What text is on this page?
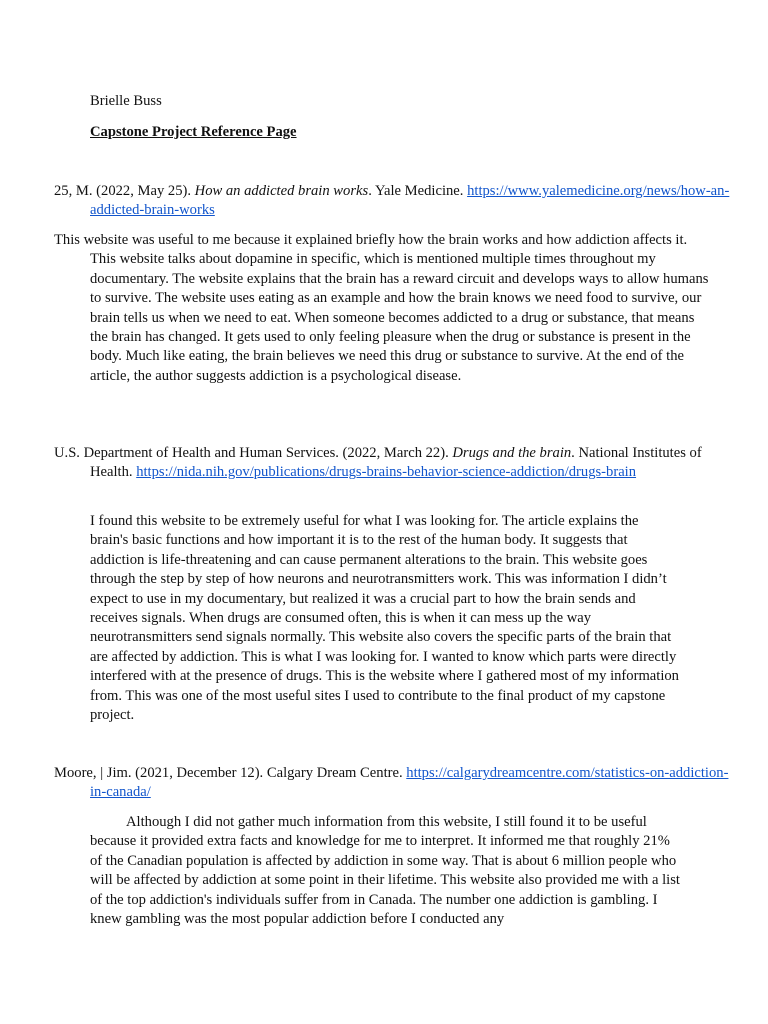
Brielle Buss
Capstone Project Reference Page

25, M. (2022, May 25). How an addicted brain works. Yale Medicine. https://www.yalemedicine.org/news/how-an-addicted-brain-works

This website was useful to me because it explained briefly how the brain works and how addiction affects it. This website talks about dopamine in specific, which is mentioned multiple times throughout my documentary. The website explains that the brain has a reward circuit and develops ways to allow humans to survive. The website uses eating as an example and how the brain knows we need food to survive, our brain tells us when we need to eat. When someone becomes addicted to a drug or substance, that means the brain has changed. It gets used to only feeling pleasure when the drug or substance is present in the body. Much like eating, the brain believes we need this drug or substance to survive. At the end of the article, the author suggests addiction is a psychological disease.

U.S. Department of Health and Human Services. (2022, March 22). Drugs and the brain. National Institutes of Health. https://nida.nih.gov/publications/drugs-brains-behavior-science-addiction/drugs-brain

I found this website to be extremely useful for what I was looking for. The article explains the brain's basic functions and how important it is to the rest of the human body. It suggests that addiction is life-threatening and can cause permanent alterations to the brain. This website goes through the step by step of how neurons and neurotransmitters work. This was information I didn’t expect to use in my documentary, but realized it was a crucial part to how the brain sends and receives signals. When drugs are consumed often, this is when it can mess up the way neurotransmitters send signals normally. This website also covers the specific parts of the brain that are affected by addiction. This is what I was looking for. I wanted to know which parts were directly interfered with at the presence of drugs. This is the website where I gathered most of my information from. This was one of the most useful sites I used to contribute to the final product of my capstone project.

Moore, | Jim. (2021, December 12). Calgary Dream Centre. https://calgarydreamcentre.com/statistics-on-addiction-in-canada/

Although I did not gather much information from this website, I still found it to be useful because it provided extra facts and knowledge for me to interpret. It informed me that roughly 21% of the Canadian population is affected by addiction in some way. That is about 6 million people who will be affected by addiction at some point in their lifetime. This website also provided me with a list of the top addiction's individuals suffer from in Canada. The number one addiction is gambling. I knew gambling was the most popular addiction before I conducted any
